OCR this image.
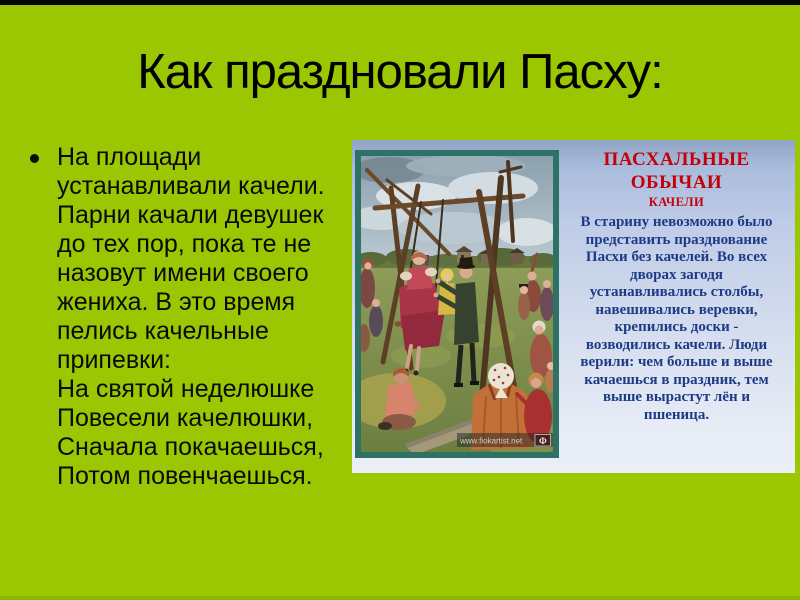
Как праздновали Пасху:
На площади
устанавливали качели.
Парни качали девушек
до тех пор, пока те не
назовут имени своего
жениха. В это время
пелись качельные
припевки:
На святой неделюшке
Повесели качелюшки,
Сначала покачаешься,
Потом повенчаешься.
www.fiokartist.net Ф
ПАСХАЛЬНЫЕ
ОБЫЧАИ
КАЧЕЛИ
В старину невозможно было
представить празднование
Пасхи без качелей. Во всех
дворах загодя
устанавливались столбы,
навешивались веревки,
крепились доски -
возводились качели. Люди
верили: чем больше и выше
качаешься в праздник, тем
выше вырастут лён и
пшеница.
